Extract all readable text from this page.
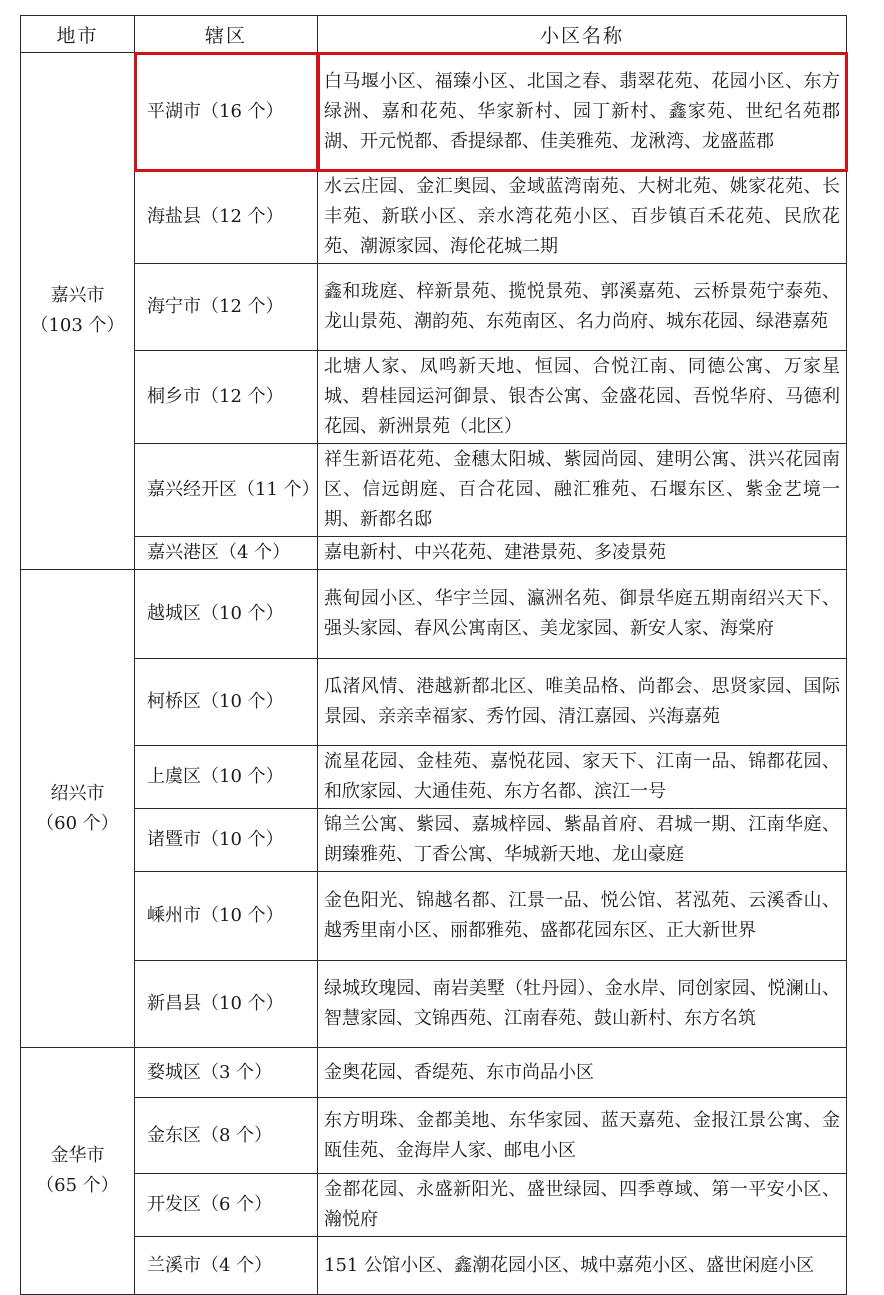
地市	辖区	小区名称

嘉兴市
（103 个）	平湖市（16 个）	白马堰小区、福臻小区、北国之春、翡翠花苑、花园小区、东方绿洲、嘉和花苑、华家新村、园丁新村、鑫家苑、世纪名苑郡湖、开元悦都、香提绿都、佳美雅苑、龙湫湾、龙盛蓝郡
	海盐县（12 个）	水云庄园、金汇奥园、金域蓝湾南苑、大树北苑、姚家花苑、长丰苑、新联小区、亲水湾花苑小区、百步镇百禾花苑、民欣花苑、潮源家园、海伦花城二期
	海宁市（12 个）	鑫和珑庭、梓新景苑、揽悦景苑、郭溪嘉苑、云桥景苑宁泰苑、龙山景苑、潮韵苑、东苑南区、名力尚府、城东花园、绿港嘉苑
	桐乡市（12 个）	北塘人家、凤鸣新天地、恒园、合悦江南、同德公寓、万家星城、碧桂园运河御景、银杏公寓、金盛花园、吾悦华府、马德利花园、新洲景苑（北区）
	嘉兴经开区（11 个）	祥生新语花苑、金穗太阳城、紫园尚园、建明公寓、洪兴花园南区、信远朗庭、百合花园、融汇雅苑、石堰东区、紫金艺境一期、新都名邸
	嘉兴港区（4 个）	嘉电新村、中兴花苑、建港景苑、多凌景苑

绍兴市
（60 个）	越城区（10 个）	燕甸园小区、华宇兰园、瀛洲名苑、御景华庭五期南绍兴天下、强头家园、春风公寓南区、美龙家园、新安人家、海棠府
	柯桥区（10 个）	瓜渚风情、港越新都北区、唯美品格、尚都会、思贤家园、国际景园、亲亲幸福家、秀竹园、清江嘉园、兴海嘉苑
	上虞区（10 个）	流星花园、金桂苑、嘉悦花园、家天下、江南一品、锦都花园、和欣家园、大通佳苑、东方名都、滨江一号
	诸暨市（10 个）	锦兰公寓、紫园、嘉城梓园、紫晶首府、君城一期、江南华庭、朗臻雅苑、丁香公寓、华城新天地、龙山豪庭
	嵊州市（10 个）	金色阳光、锦越名都、江景一品、悦公馆、茗泓苑、云溪香山、越秀里南小区、丽都雅苑、盛都花园东区、正大新世界
	新昌县（10 个）	绿城玫瑰园、南岩美墅（牡丹园）、金水岸、同创家园、悦澜山、智慧家园、文锦西苑、江南春苑、鼓山新村、东方名筑

金华市
（65 个）	婺城区（3 个）	金奥花园、香缇苑、东市尚品小区
	金东区（8 个）	东方明珠、金都美地、东华家园、蓝天嘉苑、金报江景公寓、金瓯佳苑、金海岸人家、邮电小区
	开发区（6 个）	金都花园、永盛新阳光、盛世绿园、四季尊域、第一平安小区、瀚悦府
	兰溪市（4 个）	151 公馆小区、鑫潮花园小区、城中嘉苑小区、盛世闲庭小区
